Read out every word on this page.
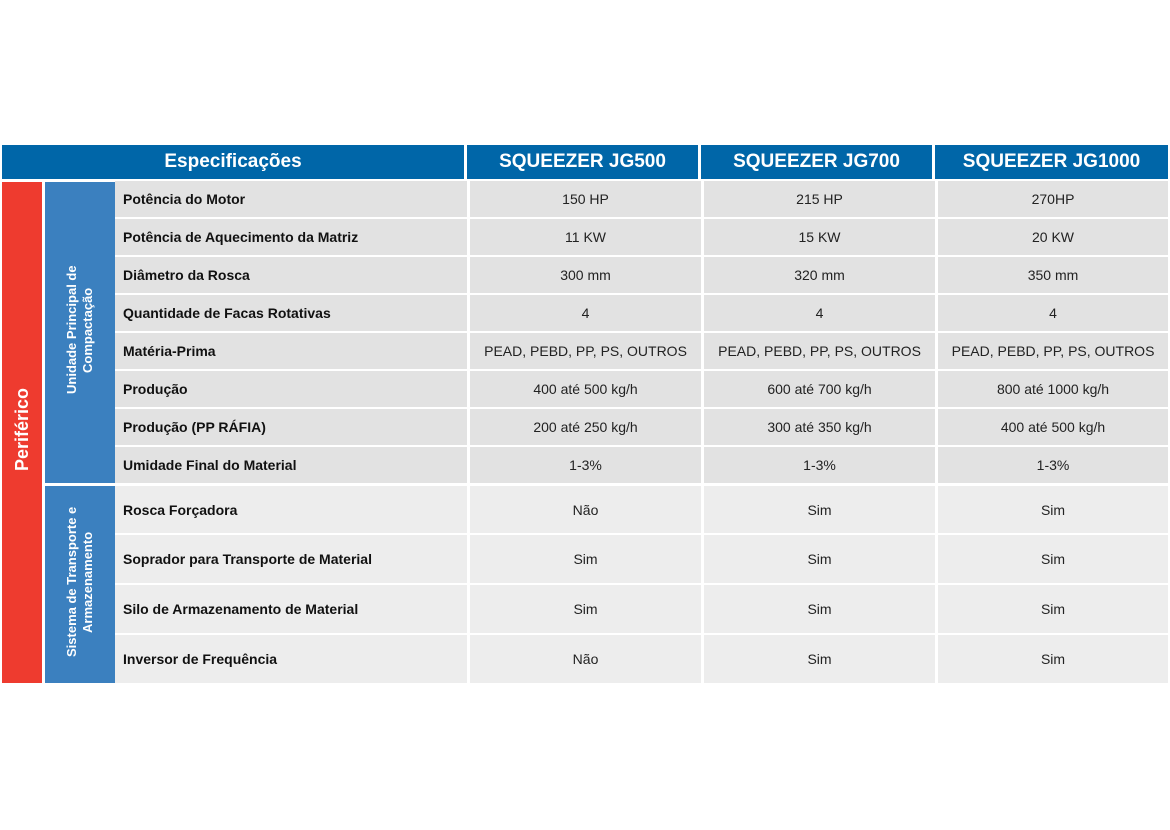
Especificações			SQUEEZER JG500	SQUEEZER JG700	SQUEEZER JG1000
Periférico	Unidade Principal de Compactação	Potência do Motor	150 HP	215 HP	270HP
		Potência de Aquecimento da Matriz	11 KW	15 KW	20 KW
		Diâmetro da Rosca	300 mm	320 mm	350 mm
		Quantidade de Facas Rotativas	4	4	4
		Matéria-Prima	PEAD, PEBD, PP, PS, OUTROS	PEAD, PEBD, PP, PS, OUTROS	PEAD, PEBD, PP, PS, OUTROS
		Produção	400 até 500 kg/h	600 até 700 kg/h	800 até 1000 kg/h
		Produção (PP RÁFIA)	200 até 250 kg/h	300 até 350 kg/h	400 até 500 kg/h
		Umidade Final do Material	1-3%	1-3%	1-3%
	Sistema de Transporte e Armazenamento	Rosca Forçadora	Não	Sim	Sim
		Soprador para Transporte de Material	Sim	Sim	Sim
		Silo de Armazenamento de Material	Sim	Sim	Sim
		Inversor de Frequência	Não	Sim	Sim
